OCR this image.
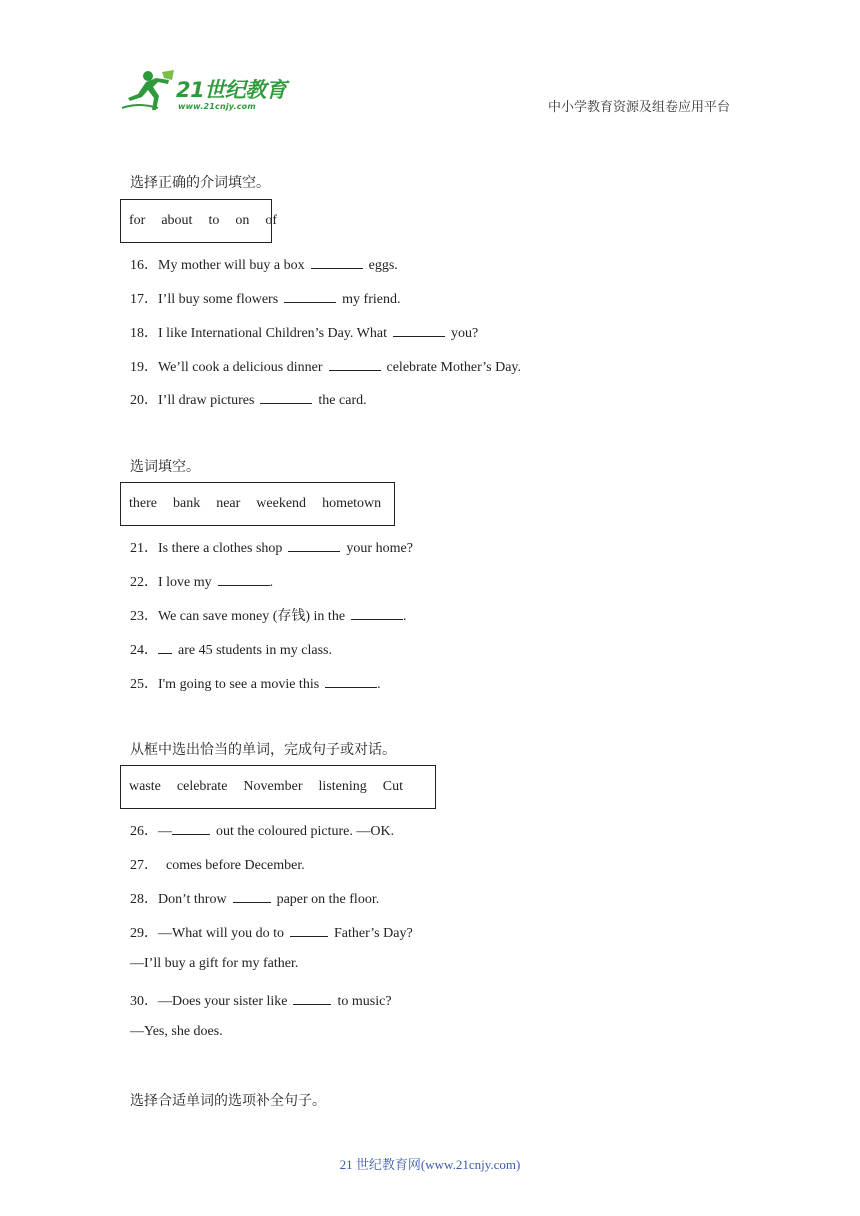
21世纪教育
www.21cnjy.com	中小学教育资源及组卷应用平台
选择正确的介词填空。
for about to on of
16．My mother will buy a box	eggs.
17．I’ll buy some flowers	my friend.
18．I like International Children’s Day. What	you?
19．We’ll cook a delicious dinner	celebrate Mother’s Day.
20．I’ll draw pictures	the card.
选词填空。
there bank near weekend hometown
21．Is there a clothes shop	your home?
22．I love my	.
23．We can save money (存钱) in the	.
24． are 45 students in my class.
25．I'm going to see a movie this	.
从框中选出恰当的单词，完成句子或对话。
waste celebrate November listening Cut
26．—	out the coloured picture. —OK.
27． comes before December.
28．Don’t throw	paper on the floor.
29．—What will you do to	Father’s Day?
—I’ll buy a gift for my father.
30．—Does your sister like	to music?
—Yes, she does.
选择合适单词的选项补全句子。
21 世纪教育网(www.21cnjy.com)
